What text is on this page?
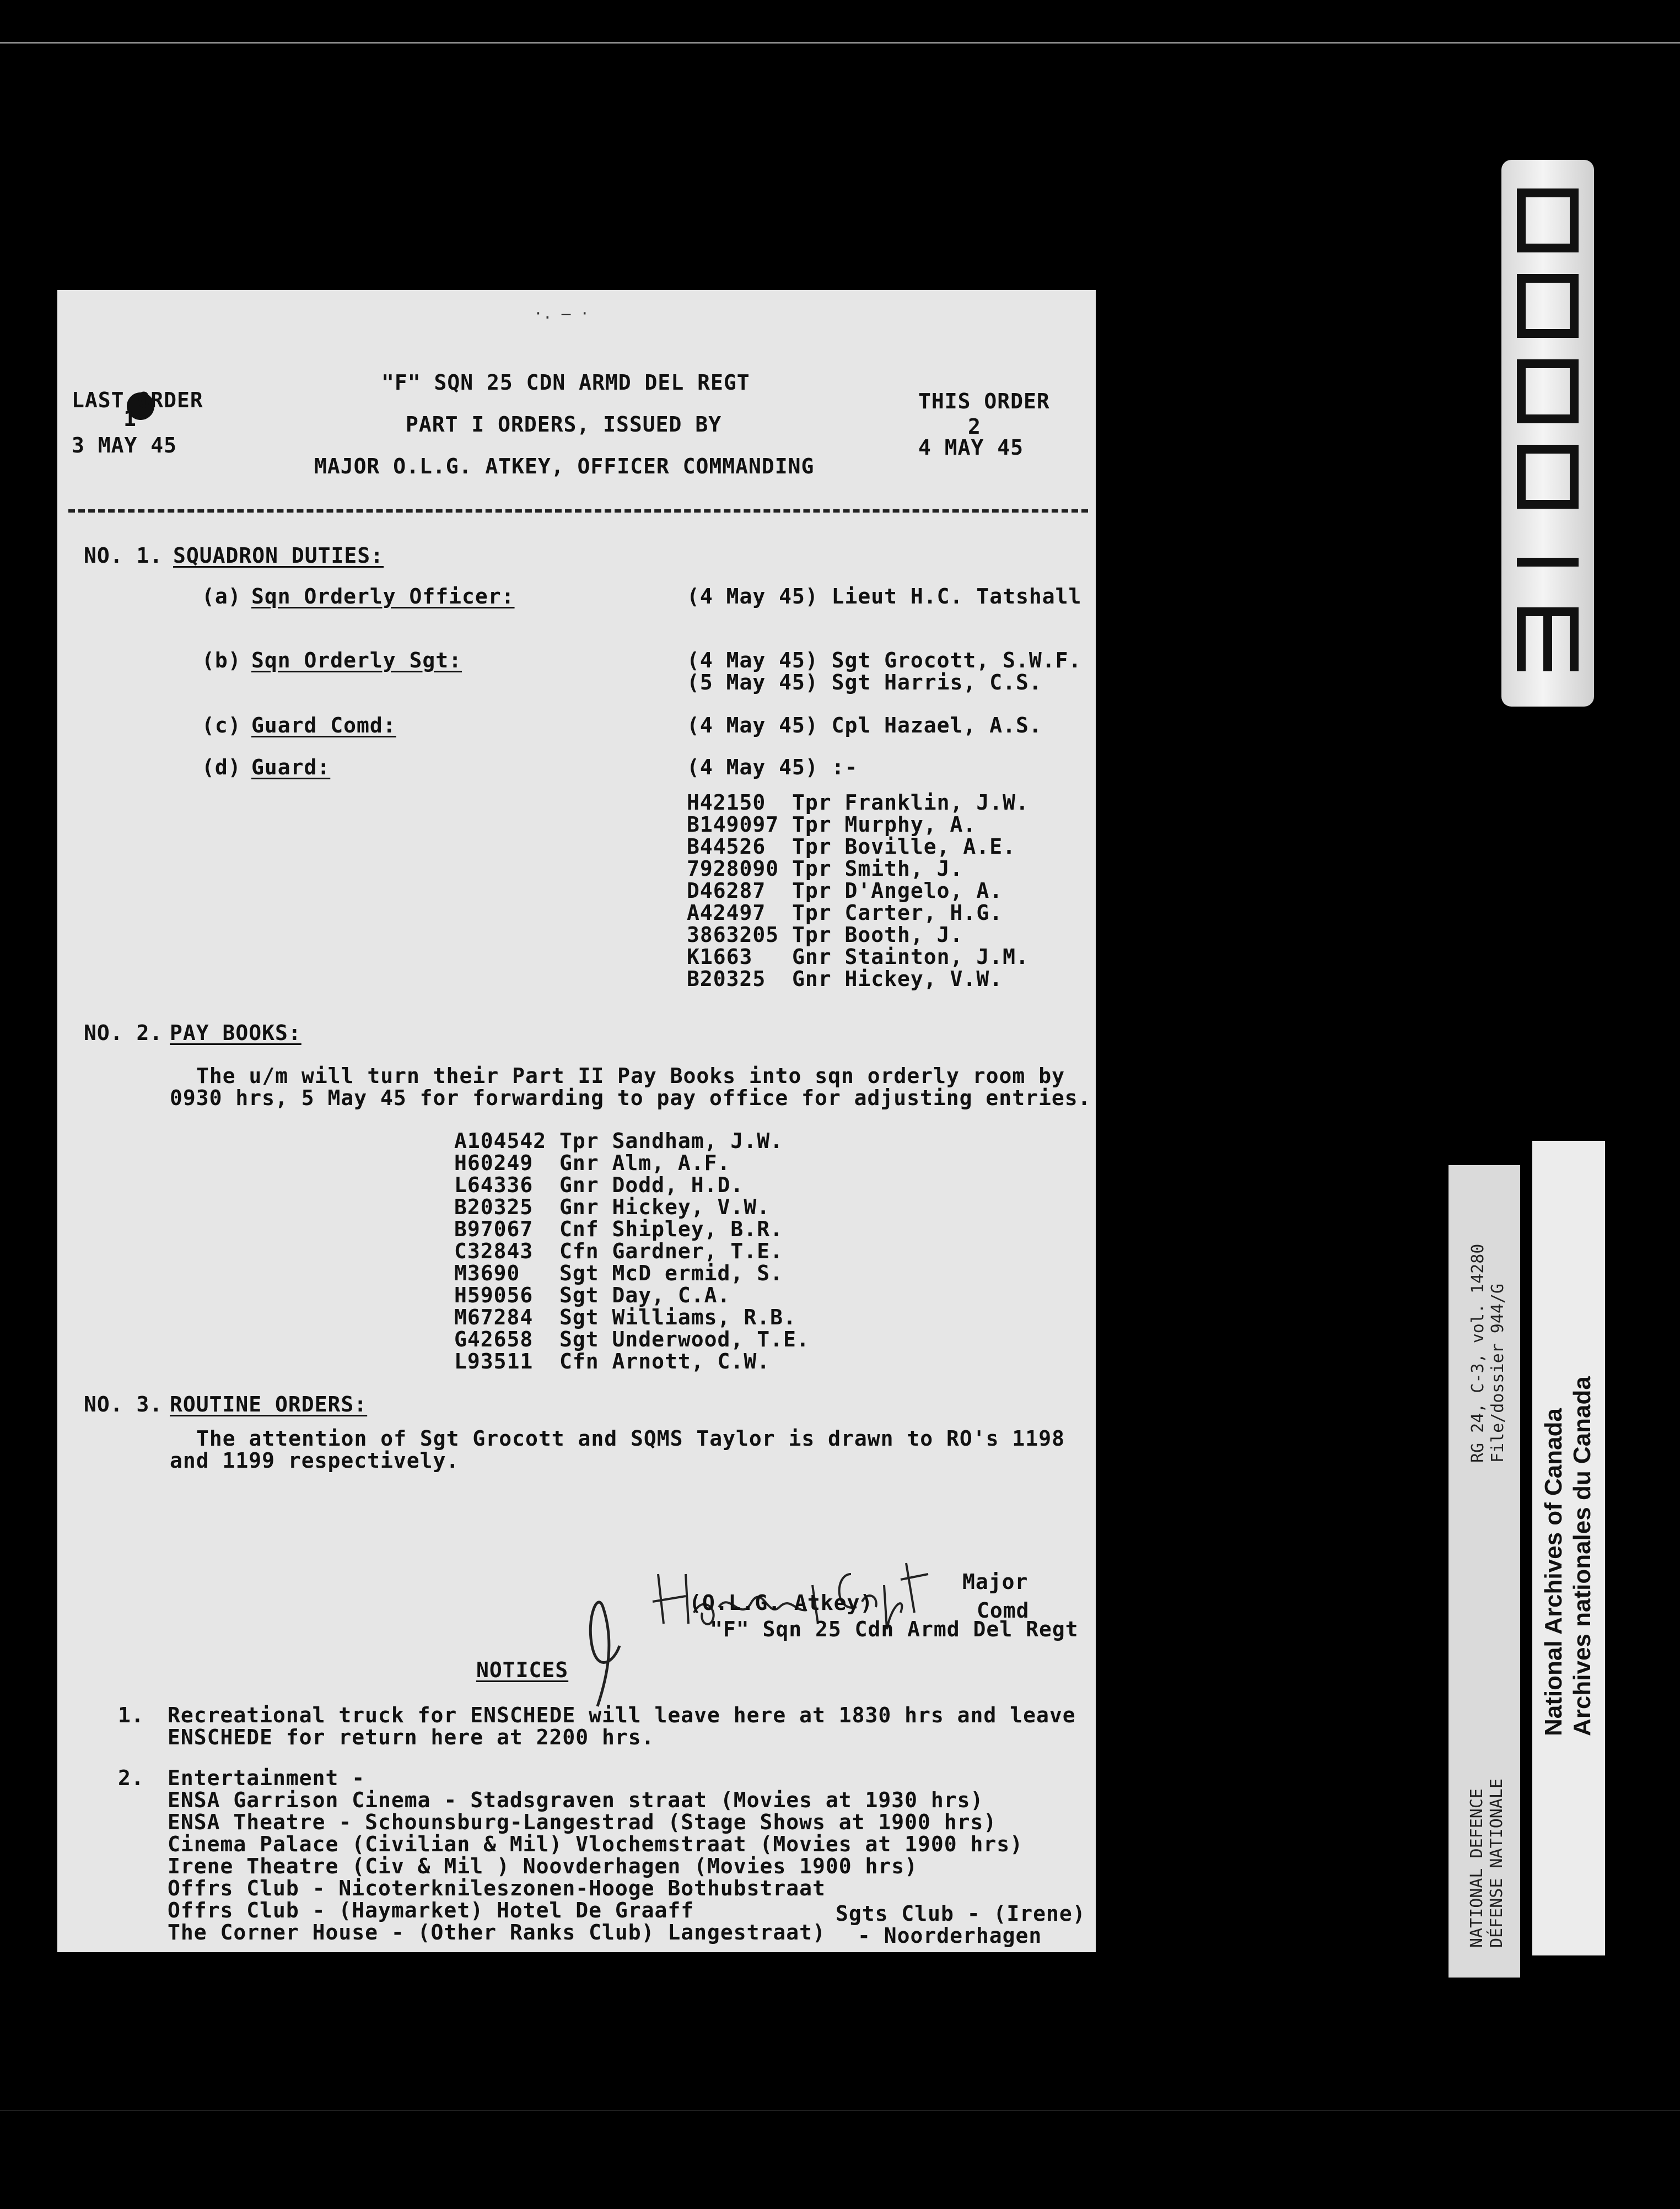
·. ̶ ·
LAST ORDER
1
3 MAY 45
"F" SQN 25 CDN ARMD DEL REGT
PART I ORDERS, ISSUED BY
MAJOR O.L.G. ATKEY, OFFICER COMMANDING
THIS ORDER
2
4 MAY 45
NO. 1. SQUADRON DUTIES:
(a) Sqn Orderly Officer:	(4 May 45) Lieut H.C. Tatshall
(b) Sqn Orderly Sgt:	(4 May 45) Sgt Grocott, S.W.F.
(5 May 45) Sgt Harris, C.S.
(c) Guard Comd:	(4 May 45) Cpl Hazael, A.S.
(d) Guard:	(4 May 45) :-
H42150  Tpr Franklin, J.W.
B149097 Tpr Murphy, A.
B44526  Tpr Boville, A.E.
7928090 Tpr Smith, J.
D46287  Tpr D'Angelo, A.
A42497  Tpr Carter, H.G.
3863205 Tpr Booth, J.
K1663   Gnr Stainton, J.M.
B20325  Gnr Hickey, V.W.
NO. 2. PAY BOOKS:
The u/m will turn their Part II Pay Books into sqn orderly room by
0930 hrs, 5 May 45 for forwarding to pay office for adjusting entries.
A104542 Tpr Sandham, J.W.
H60249  Gnr Alm, A.F.
L64336  Gnr Dodd, H.D.
B20325  Gnr Hickey, V.W.
B97067  Cnf Shipley, B.R.
C32843  Cfn Gardner, T.E.
M3690   Sgt McD ermid, S.
H59056  Sgt Day, C.A.
M67284  Sgt Williams, R.B.
G42658  Sgt Underwood, T.E.
L93511  Cfn Arnott, C.W.
NO. 3. ROUTINE ORDERS:
The attention of Sgt Grocott and SQMS Taylor is drawn to RO's 1198
and 1199 respectively.
Major
(O.L.G. Atkey)	Comd
"F" Sqn 25 Cdn Armd Del Regt
NOTICES
1. Recreational truck for ENSCHEDE will leave here at 1830 hrs and leave
ENSCHEDE for return here at 2200 hrs.
2. Entertainment -
ENSA Garrison Cinema - Stadsgraven straat (Movies at 1930 hrs)
ENSA Theatre - Schounsburg-Langestrad (Stage Shows at 1900 hrs)
Cinema Palace (Civilian & Mil) Vlochemstraat (Movies at 1900 hrs)
Irene Theatre (Civ & Mil ) Noovderhagen (Movies 1900 hrs)
Offrs Club - Nicoterknileszonen-Hooge Bothubstraat
Offrs Club - (Haymarket) Hotel De Graaff
The Corner House - (Other Ranks Club) Langestraat)
Sgts Club - (Irene)
- Noorderhagen
RG 24, C-3, vol. 14280 File/dossier 944/G
NATIONAL DEFENCE DÉFENSE NATIONALE
National Archives of Canada Archives nationales du Canada
